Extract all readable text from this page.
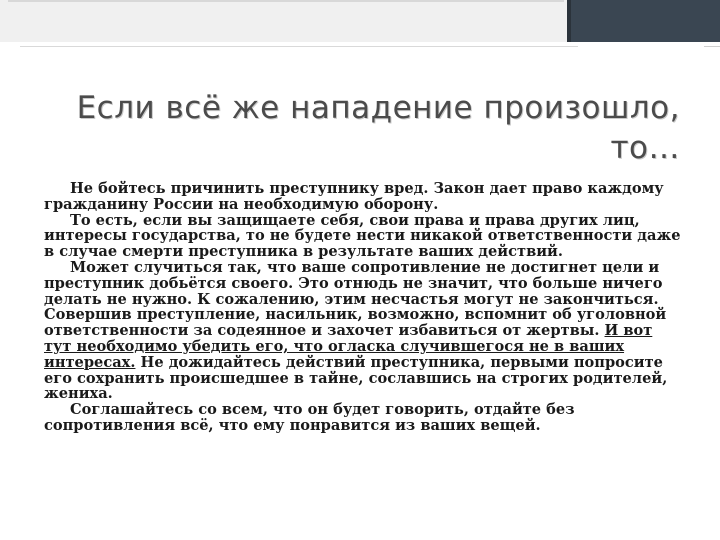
Если всё же нападение произошло,
то…

Не бойтесь причинить преступнику вред. Закон дает право каждому гражданину России на необходимую оборону.

То есть, если вы защищаете себя, свои права и права других лиц, интересы государства, то не будете нести никакой ответственности даже в случае смерти преступника в результате ваших действий.

Может случиться так, что ваше сопротивление не достигнет цели и преступник добьётся своего. Это отнюдь не значит, что больше ничего делать не нужно. К сожалению, этим несчастья могут не закончиться. Совершив преступление, насильник, возможно, вспомнит об уголовной ответственности за содеянное и захочет избавиться от жертвы. И вот тут необходимо убедить его, что огласка случившегося не в ваших интересах. Не дожидайтесь действий преступника, первыми попросите его сохранить происшедшее в тайне, сославшись на строгих родителей, жениха.

Соглашайтесь со всем, что он будет говорить, отдайте без сопротивления всё, что ему понравится из ваших вещей.
